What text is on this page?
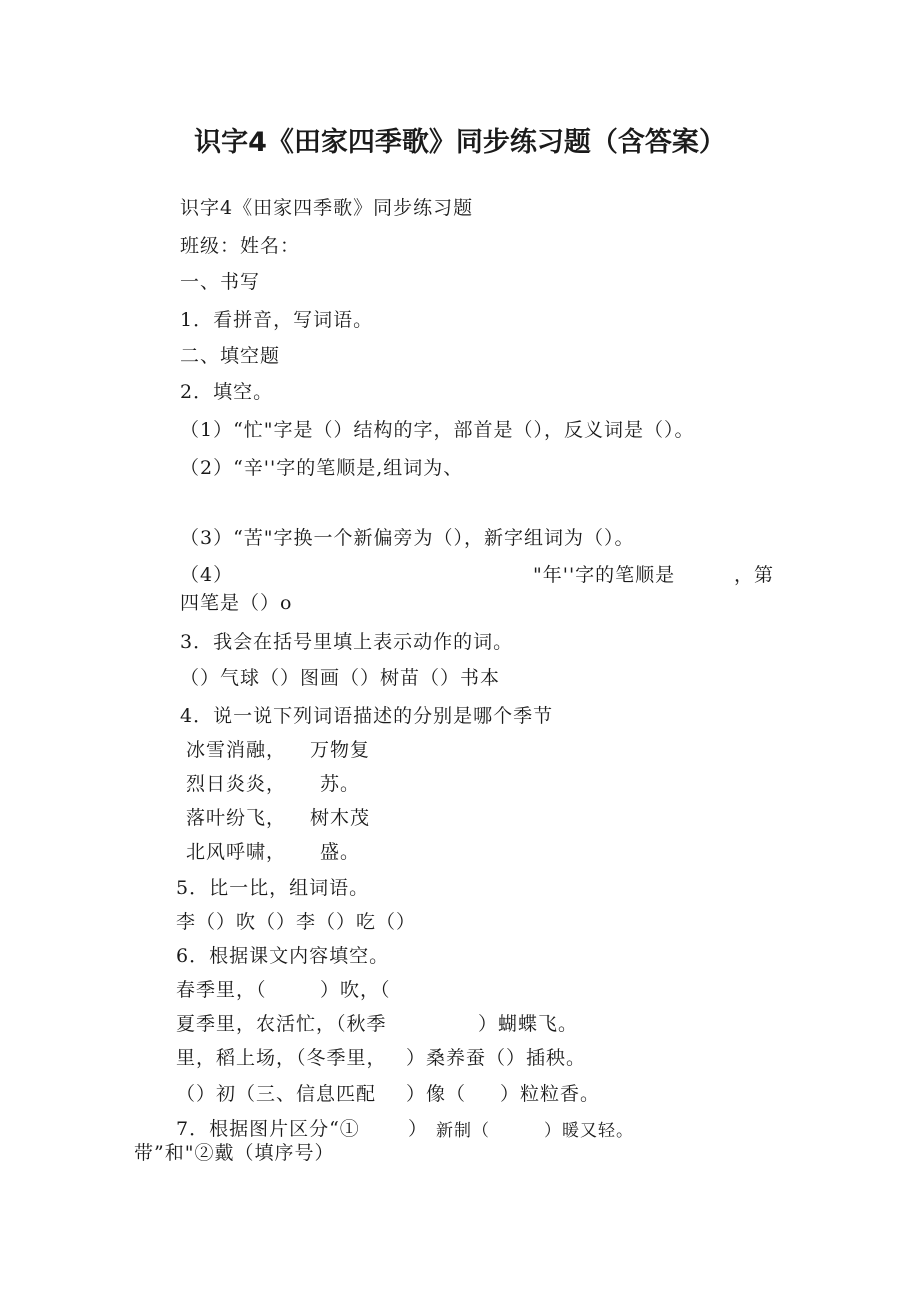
识字4《田家四季歌》同步练习题（含答案）
识字4《田家四季歌》同步练习题
班级：姓名：
一、书写
1．看拼音，写词语。
二、填空题
2．填空。
（1）“忙"字是（）结构的字，部首是（），反义词是（）。
（2）“辛''字的笔顺是,组词为、
（3）“苦"字换一个新偏旁为（），新字组词为（）。
（4）	"年''字的笔顺是	，第
四笔是（）o
3．我会在括号里填上表示动作的词。
（）气球（）图画（）树苗（）书本
4．说一说下列词语描述的分别是哪个季节
冰雪消融， 万物复
烈日炎炎， 苏。
落叶纷飞， 树木茂
北风呼啸， 盛。
5．比一比，组词语。
李（）吹（）李（）吃（）
6．根据课文内容填空。
春季里，（	）吹，（
夏季里，农活忙，（秋季	）蝴蝶飞。
里，稻上场，（冬季里， ）桑养蚕（）插秧。
（）初（三、信息匹配 ）像（ ）粒粒香。
7．根据图片区分“①	） 新制（	）暖又轻。
带”和"②戴（填序号）
